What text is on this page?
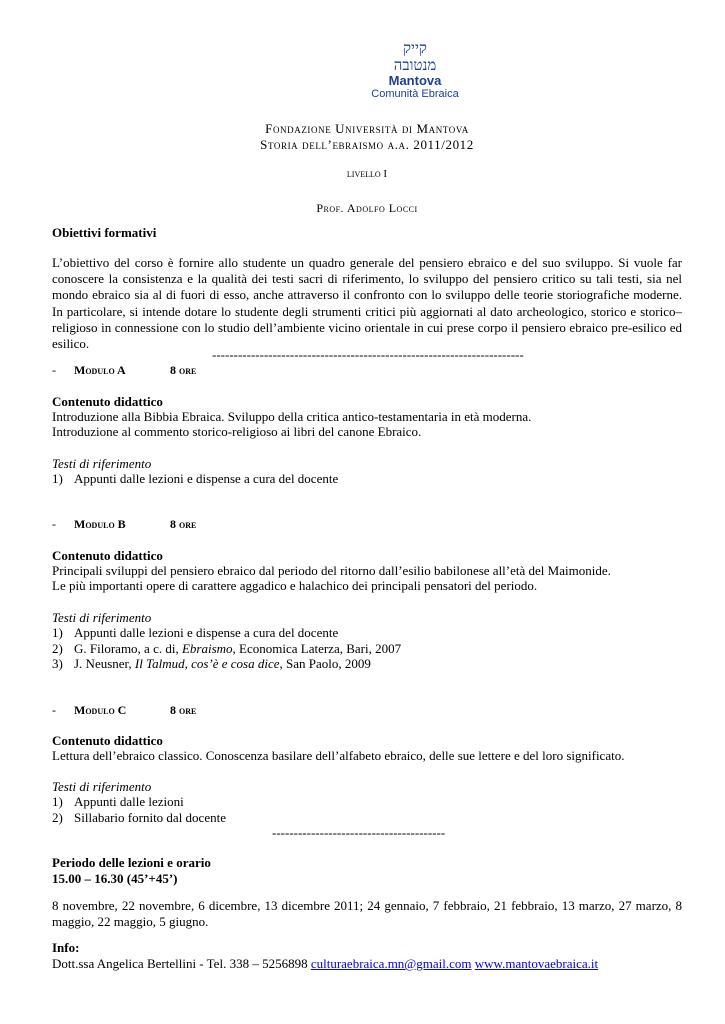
קייק
מנטובה
Mantova
Comunità Ebraica
Fondazione Università di Mantova
Storia dell’ebraismo a.a. 2011/2012
livello I
Prof. Adolfo Locci
Obiettivi formativi
L’obiettivo del corso è fornire allo studente un quadro generale del pensiero ebraico e del suo sviluppo. Si vuole far conoscere la consistenza e la qualità dei testi sacri di riferimento, lo sviluppo del pensiero critico su tali testi, sia nel mondo ebraico sia al di fuori di esso, anche attraverso il confronto con lo sviluppo delle teorie storiografiche moderne. In particolare, si intende dotare lo studente degli strumenti critici più aggiornati al dato archeologico, storico e storico–religioso in connessione con lo studio dell’ambiente vicino orientale in cui prese corpo il pensiero ebraico pre-esilico ed esilico.
------------------------------------------------------------------------
- Modulo A	8 ore
Contenuto didattico
Introduzione alla Bibbia Ebraica. Sviluppo della critica antico-testamentaria in età moderna.
Introduzione al commento storico-religioso ai libri del canone Ebraico.
Testi di riferimento
1) Appunti dalle lezioni e dispense a cura del docente
- Modulo B	8 ore
Contenuto didattico
Principali sviluppi del pensiero ebraico dal periodo del ritorno dall’esilio babilonese all’età del Maimonide.
Le più importanti opere di carattere aggadico e halachico dei principali pensatori del periodo.
Testi di riferimento
1) Appunti dalle lezioni e dispense a cura del docente
2) G. Filoramo, a c. di, Ebraismo, Economica Laterza, Bari, 2007
3) J. Neusner, Il Talmud, cos’è e cosa dice, San Paolo, 2009
- Modulo C	8 ore
Contenuto didattico
Lettura dell’ebraico classico. Conoscenza basilare dell’alfabeto ebraico, delle sue lettere e del loro significato.
Testi di riferimento
1) Appunti dalle lezioni
2) Sillabario fornito dal docente
----------------------------------------
Periodo delle lezioni e orario
15.00 – 16.30 (45’+45’)
8 novembre, 22 novembre, 6 dicembre, 13 dicembre 2011; 24 gennaio, 7 febbraio, 21 febbraio, 13 marzo, 27 marzo, 8 maggio, 22 maggio, 5 giugno.
Info:
Dott.ssa Angelica Bertellini - Tel. 338 – 5256898 culturaebraica.mn@gmail.com www.mantovaebraica.it
